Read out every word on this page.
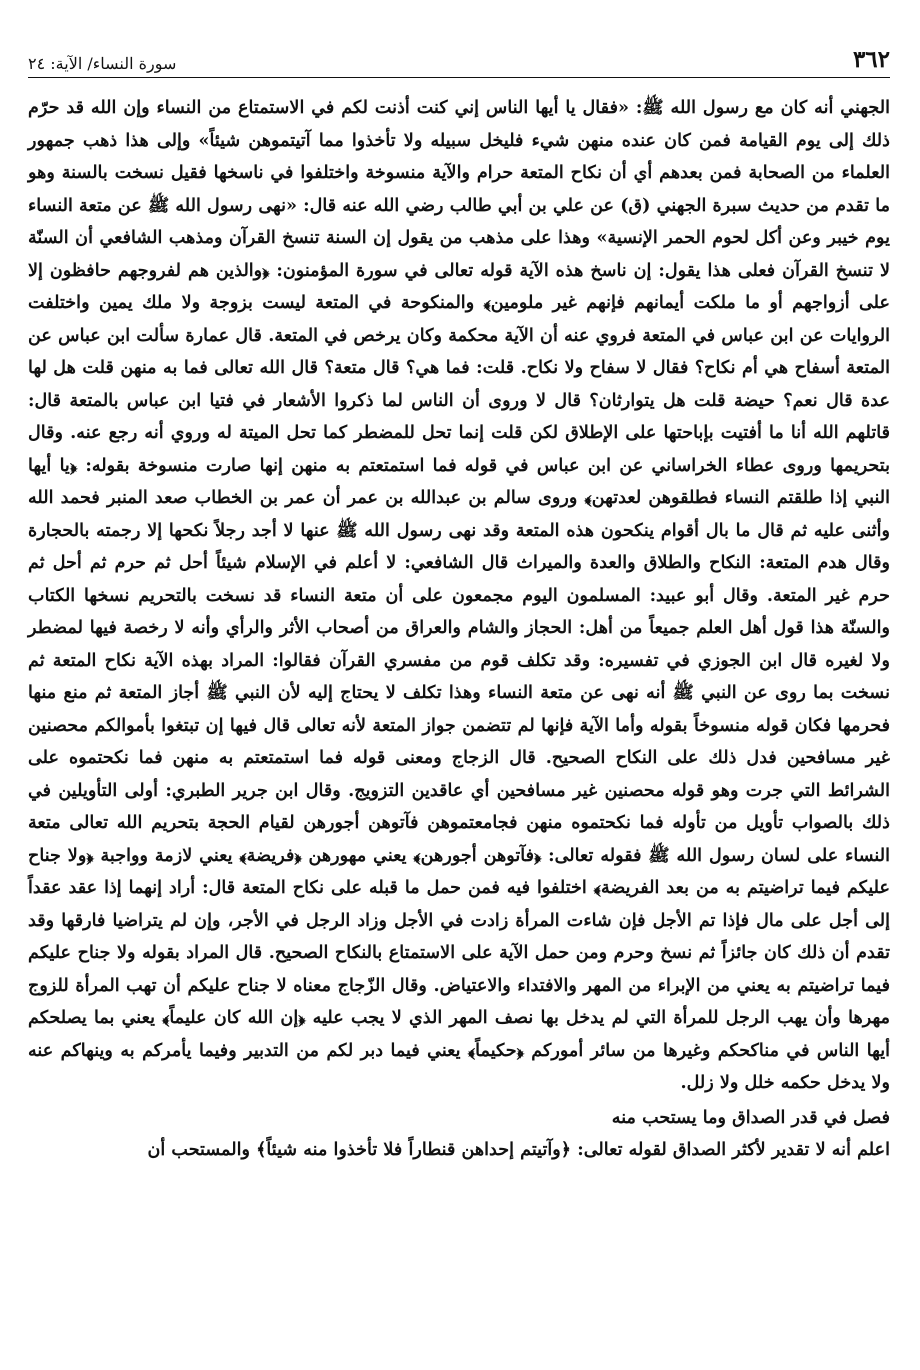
٣٦٢
سورة النساء/ الآية: ٢٤

الجهني أنه كان مع رسول الله ﷺ: «فقال يا أيها الناس إني كنت أذنت لكم في الاستمتاع من النساء وإن الله قد حرّم ذلك إلى يوم القيامة فمن كان عنده منهن شيء فليخل سبيله ولا تأخذوا مما آتيتموهن شيئاً» وإلى هذا ذهب جمهور العلماء من الصحابة فمن بعدهم أي أن نكاح المتعة حرام والآية منسوخة واختلفوا في ناسخها فقيل نسخت بالسنة وهو ما تقدم من حديث سبرة الجهني (ق) عن علي بن أبي طالب رضي الله عنه قال: «نهى رسول الله ﷺ عن متعة النساء يوم خيبر وعن أكل لحوم الحمر الإنسية» وهذا على مذهب من يقول إن السنة تنسخ القرآن ومذهب الشافعي أن السنّة لا تنسخ القرآن فعلى هذا يقول: إن ناسخ هذه الآية قوله تعالى في سورة المؤمنون: ﴿والذين هم لفروجهم حافظون إلا على أزواجهم أو ما ملكت أيمانهم فإنهم غير ملومين﴾ والمنكوحة في المتعة ليست بزوجة ولا ملك يمين واختلفت الروايات عن ابن عباس في المتعة فروي عنه أن الآية محكمة وكان يرخص في المتعة. قال عمارة سألت ابن عباس عن المتعة أسفاح هي أم نكاح؟ فقال لا سفاح ولا نكاح. قلت: فما هي؟ قال متعة؟ قال الله تعالى فما به منهن قلت هل لها عدة قال نعم؟ حيضة قلت هل يتوارثان؟ قال لا وروى أن الناس لما ذكروا الأشعار في فتيا ابن عباس بالمتعة قال: قاتلهم الله أنا ما أفتيت بإباحتها على الإطلاق لكن قلت إنما تحل للمضطر كما تحل الميتة له وروي أنه رجع عنه. وقال بتحريمها وروى عطاء الخراساني عن ابن عباس في قوله فما استمتعتم به منهن إنها صارت منسوخة بقوله: ﴿يا أيها النبي إذا طلقتم النساء فطلقوهن لعدتهن﴾ وروى سالم بن عبدالله بن عمر أن عمر بن الخطاب صعد المنبر فحمد الله وأثنى عليه ثم قال ما بال أقوام ينكحون هذه المتعة وقد نهى رسول الله ﷺ عنها لا أجد رجلاً نكحها إلا رجمته بالحجارة وقال هدم المتعة: النكاح والطلاق والعدة والميراث قال الشافعي: لا أعلم في الإسلام شيئاً أحل ثم حرم ثم أحل ثم حرم غير المتعة. وقال أبو عبيد: المسلمون اليوم مجمعون على أن متعة النساء قد نسخت بالتحريم نسخها الكتاب والسنّة هذا قول أهل العلم جميعاً من أهل: الحجاز والشام والعراق من أصحاب الأثر والرأي وأنه لا رخصة فيها لمضطر ولا لغيره قال ابن الجوزي في تفسيره: وقد تكلف قوم من مفسري القرآن فقالوا: المراد بهذه الآية نكاح المتعة ثم نسخت بما روى عن النبي ﷺ أنه نهى عن متعة النساء وهذا تكلف لا يحتاج إليه لأن النبي ﷺ أجاز المتعة ثم منع منها فحرمها فكان قوله منسوخاً بقوله وأما الآية فإنها لم تتضمن جواز المتعة لأنه تعالى قال فيها إن تبتغوا بأموالكم محصنين غير مسافحين فدل ذلك على النكاح الصحيح. قال الزجاج ومعنى قوله فما استمتعتم به منهن فما نكحتموه على الشرائط التي جرت وهو قوله محصنين غير مسافحين أي عاقدين التزويج. وقال ابن جرير الطبري: أولى التأويلين في ذلك بالصواب تأويل من تأوله فما نكحتموه منهن فجامعتموهن فآتوهن أجورهن لقيام الحجة بتحريم الله تعالى متعة النساء على لسان رسول الله ﷺ فقوله تعالى: ﴿فآتوهن أجورهن﴾ يعني مهورهن ﴿فريضة﴾ يعني لازمة وواجبة ﴿ولا جناح عليكم فيما تراضيتم به من بعد الفريضة﴾ اختلفوا فيه فمن حمل ما قبله على نكاح المتعة قال: أراد إنهما إذا عقد عقداً إلى أجل على مال فإذا تم الأجل فإن شاءت المرأة زادت في الأجل وزاد الرجل في الأجر، وإن لم يتراضيا فارقها وقد تقدم أن ذلك كان جائزاً ثم نسخ وحرم ومن حمل الآية على الاستمتاع بالنكاح الصحيح. قال المراد بقوله ولا جناح عليكم فيما تراضيتم به يعني من الإبراء من المهر والافتداء والاعتياض. وقال الزّجاج معناه لا جناح عليكم أن تهب المرأة للزوج مهرها وأن يهب الرجل للمرأة التي لم يدخل بها نصف المهر الذي لا يجب عليه ﴿إن الله كان عليماً﴾ يعني بما يصلحكم أيها الناس في مناكحكم وغيرها من سائر أموركم ﴿حكيماً﴾ يعني فيما دبر لكم من التدبير وفيما يأمركم به وينهاكم عنه ولا يدخل حكمه خلل ولا زلل.

فصل في قدر الصداق وما يستحب منه

اعلم أنه لا تقدير لأكثر الصداق لقوله تعالى: ﴿وآتيتم إحداهن قنطاراً فلا تأخذوا منه شيئاً﴾ والمستحب أن
